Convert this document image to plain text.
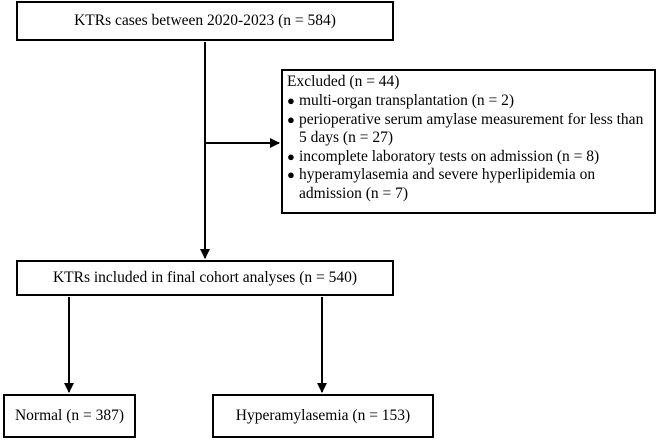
KTRs cases between 2020-2023 (n = 584)
Excluded (n = 44)
● multi-organ transplantation (n = 2)
● perioperative serum amylase measurement for less than 5 days (n = 27)
● incomplete laboratory tests on admission (n = 8)
● hyperamylasemia and severe hyperlipidemia on admission (n = 7)
KTRs included in final cohort analyses (n = 540)
Normal (n = 387)	Hyperamylasemia (n = 153)
